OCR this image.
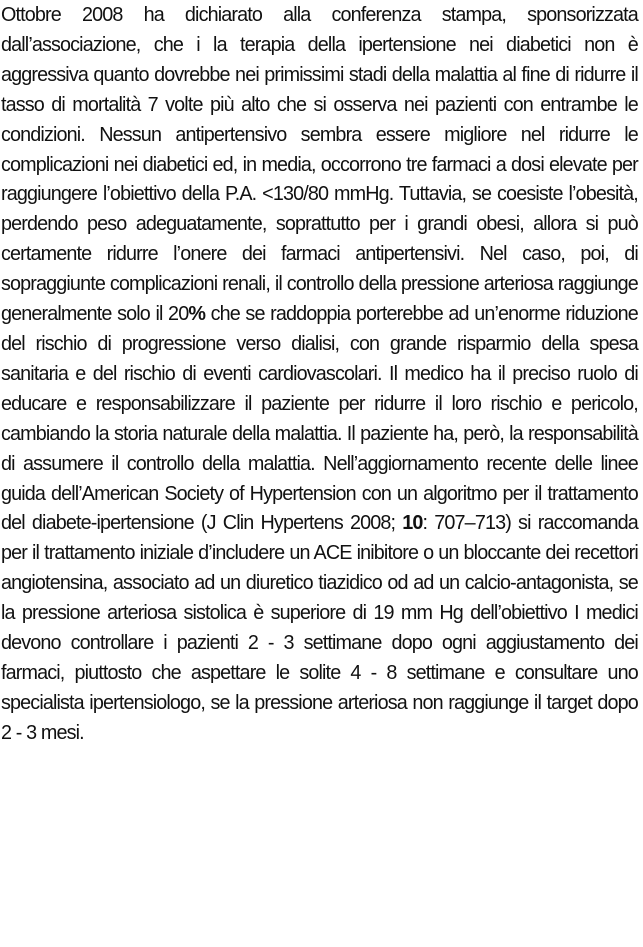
Ottobre 2008 ha dichiarato alla conferenza stampa, sponsorizzata dall’associazione, che i la terapia della ipertensione nei diabetici non è aggressiva quanto dovrebbe nei primissimi stadi della malattia al fine di ridurre il tasso di mortalità 7 volte più alto che si osserva nei pazienti con entrambe le condizioni. Nessun antipertensivo sembra essere migliore nel ridurre le complicazioni nei diabetici ed, in media, occorrono tre farmaci a dosi elevate per raggiungere l’obiettivo della P.A. <130/80 mmHg. Tuttavia, se coesiste l’obesità, perdendo peso adeguatamente, soprattutto per i grandi obesi, allora si può certamente ridurre l’onere dei farmaci antipertensivi. Nel caso, poi, di sopraggiunte complicazioni renali, il controllo della pressione arteriosa raggiunge generalmente solo il 20% che se raddoppia porterebbe ad un’enorme riduzione del rischio di progressione verso dialisi, con grande risparmio della spesa sanitaria e del rischio di eventi cardiovascolari. Il medico ha il preciso ruolo di educare e responsabilizzare il paziente per ridurre il loro rischio e pericolo, cambiando la storia naturale della malattia. Il paziente ha, però, la responsabilità di assumere il controllo della malattia. Nell’aggiornamento recente delle linee guida dell’American Society of Hypertension con un algoritmo per il trattamento del diabete-ipertensione (J Clin Hypertens 2008; 10: 707–713) si raccomanda per il trattamento iniziale d’includere un ACE inibitore o un bloccante dei recettori angiotensina, associato ad un diuretico tiazidico od ad un calcio-antagonista, se la pressione arteriosa sistolica è superiore di 19 mm Hg dell’obiettivo I medici devono controllare i pazienti 2 - 3 settimane dopo ogni aggiustamento dei farmaci, piuttosto che aspettare le solite 4 - 8 settimane e consultare uno specialista ipertensiologo, se la pressione arteriosa non raggiunge il target dopo 2 - 3 mesi.
